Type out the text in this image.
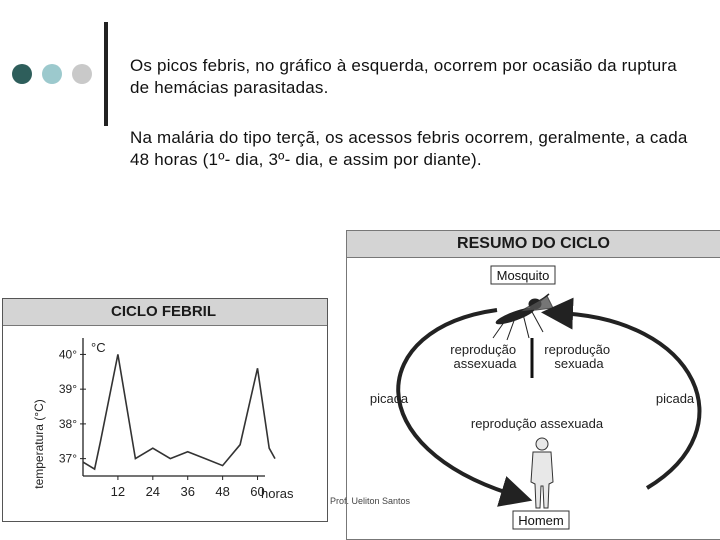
Os picos febris, no gráfico à esquerda, ocorrem por ocasião da ruptura de hemácias parasitadas.

Na malária do tipo terçã, os acessos febris ocorrem, geralmente, a cada 48 horas (1º- dia, 3º- dia, e assim por diante).

CICLO FEBRIL
temperatura (°C)
°C
37°
38°
39°
40°
12 24 36 48 60
horas
RESUMO DO CICLO
Mosquito
reprodução assexuada
reprodução sexuada
picada	picada
reprodução assexuada
Homem
Prof. Ueliton Santos
